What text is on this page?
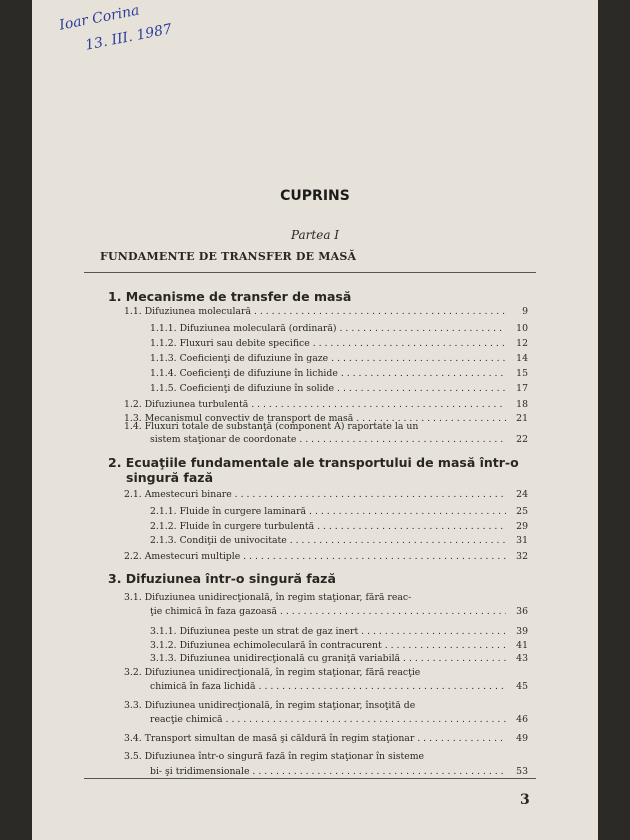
Ioar Corina
13. III. 1987
CUPRINS
Partea I
FUNDAMENTE DE TRANSFER DE MASĂ
1. Mecanisme de transfer de masă
1.1. Difuziunea moleculară . . .	9
1.1.1. Difuziunea moleculară (ordinară) . . .	10
1.1.2. Fluxuri sau debite specifice . . .	12
1.1.3. Coeficienţi de difuziune în gaze . . .	14
1.1.4. Coeficienţi de difuziune în lichide . . .	15
1.1.5. Coeficienţi de difuziune în solide . . .	17
1.2. Difuziunea turbulentă . . .	18
1.3. Mecanismul convectiv de transport de masă . . .	21
1.4. Fluxuri totale de substanţă (component A) raportate la un
sistem staţionar de coordonate . . .	22
2. Ecuaţiile fundamentale ale transportului de masă într-o
singură fază
2.1. Amestecuri binare . . .	24
2.1.1. Fluide în curgere laminară . . .	25
2.1.2. Fluide în curgere turbulentă . . .	29
2.1.3. Condiţii de univocitate . . .	31
2.2. Amestecuri multiple . . .	32
3. Difuziunea într-o singură fază
3.1. Difuziunea unidirecţională, în regim staţionar, fără reac-
ţie chimică în faza gazoasă . . .	36
3.1.1. Difuziunea peste un strat de gaz inert . . .	39
3.1.2. Difuziunea echimoleculară în contracurent . . .	41
3.1.3. Difuziunea unidirecţională cu graniţă variabilă . . .	43
3.2. Difuziunea unidirecţională, în regim staţionar, fără reacţie
chimică în faza lichidă . . .	45
3.3. Difuziunea unidirecţională, în regim staţionar, însoţită de
reacţie chimică . . .	46
3.4. Transport simultan de masă şi căldură în regim staţionar . . .	49
3.5. Difuziunea într-o singură fază în regim staţionar în sisteme
bi- şi tridimensionale . . .	53
3
